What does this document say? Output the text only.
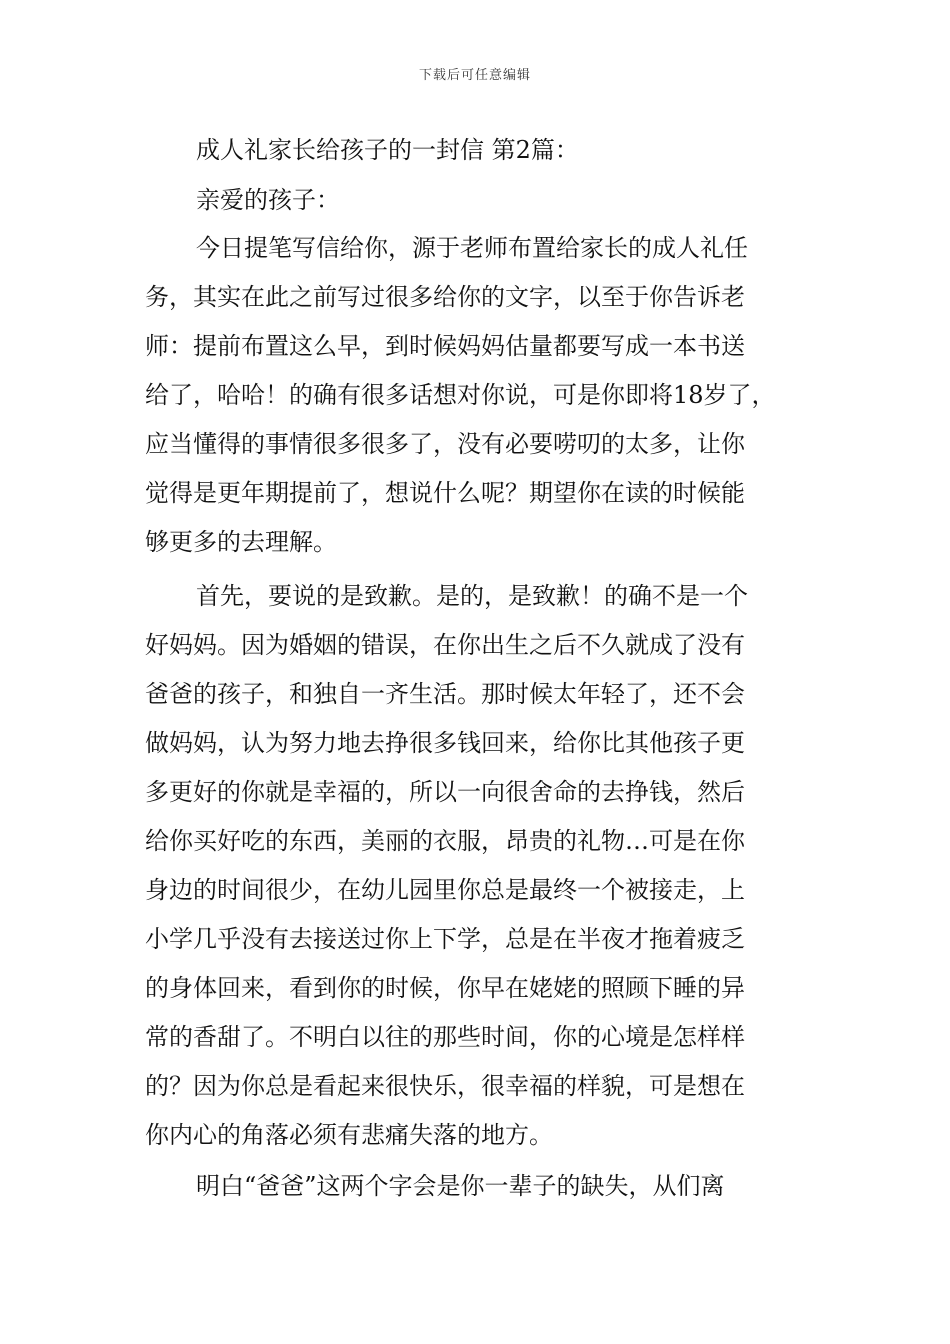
下载后可任意编辑
成人礼家长给孩子的一封信 第2篇：
亲爱的孩子：
今日提笔写信给你，源于老师布置给家长的成人礼任
务，其实在此之前写过很多给你的文字，以至于你告诉老
师：提前布置这么早，到时候妈妈估量都要写成一本书送
给了，哈哈！的确有很多话想对你说，可是你即将18岁了，
应当懂得的事情很多很多了，没有必要唠叨的太多，让你
觉得是更年期提前了，想说什么呢？期望你在读的时候能
够更多的去理解。
首先，要说的是致歉。是的，是致歉！的确不是一个
好妈妈。因为婚姻的错误，在你出生之后不久就成了没有
爸爸的孩子，和独自一齐生活。那时候太年轻了，还不会
做妈妈，认为努力地去挣很多钱回来，给你比其他孩子更
多更好的你就是幸福的，所以一向很舍命的去挣钱，然后
给你买好吃的东西，美丽的衣服，昂贵的礼物…可是在你
身边的时间很少，在幼儿园里你总是最终一个被接走，上
小学几乎没有去接送过你上下学，总是在半夜才拖着疲乏
的身体回来，看到你的时候，你早在姥姥的照顾下睡的异
常的香甜了。不明白以往的那些时间，你的心境是怎样样
的？因为你总是看起来很快乐，很幸福的样貌，可是想在
你内心的角落必须有悲痛失落的地方。
明白“爸爸”这两个字会是你一辈子的缺失，从们离
